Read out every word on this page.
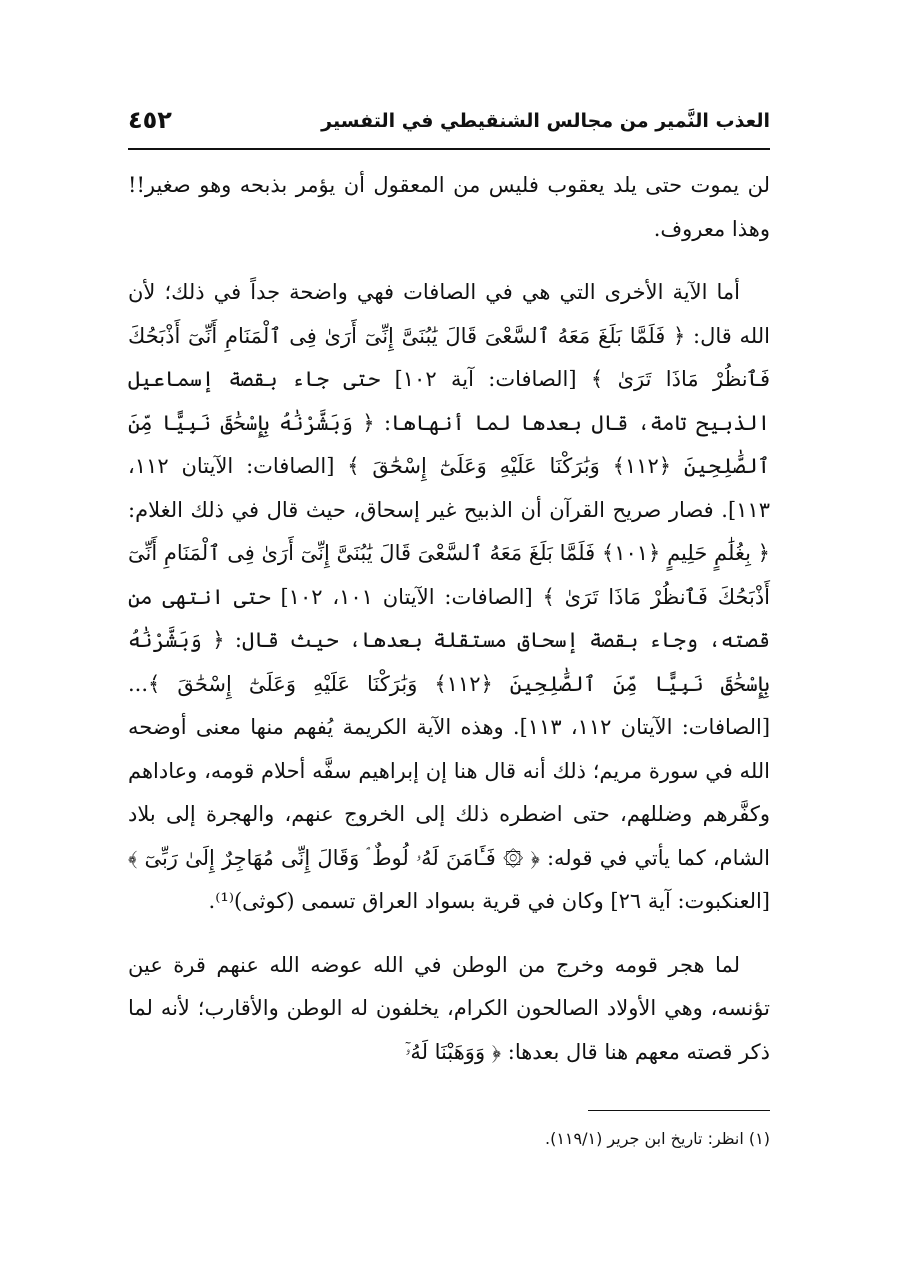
العذب النَّمير من مجالس الشنقيطي في التفسير
٤٥٢

لن يموت حتى يلد يعقوب فليس من المعقول أن يؤمر بذبحه وهو صغير!! وهذا معروف.

أما الآية الأخرى التي هي في الصافات فهي واضحة جداً في ذلك؛ لأن الله قال: ﴿ فَلَمَّا بَلَغَ مَعَهُ ٱلسَّعْىَ قَالَ يَٰبُنَىَّ إِنِّىٓ أَرَىٰ فِى ٱلْمَنَامِ أَنِّىٓ أَذْبَحُكَ فَٱنظُرْ مَاذَا تَرَىٰ ﴾ [الصافات: آية ١٠٢] حتى جاء بقصة إسماعيل الذبيح تامة، قال بعدها لما أنهاها: ﴿ وَبَشَّرْنَٰهُ بِإِسْحَٰقَ نَبِيًّا مِّنَ ٱلصَّٰلِحِينَ ﴿١١٢﴾ وَبَٰرَكْنَا عَلَيْهِ وَعَلَىٰٓ إِسْحَٰقَ ﴾ [الصافات: الآيتان ١١٢، ١١٣]. فصار صريح القرآن أن الذبيح غير إسحاق، حيث قال في ذلك الغلام: ﴿ بِغُلَٰمٍ حَلِيمٍ ﴿١٠١﴾ فَلَمَّا بَلَغَ مَعَهُ ٱلسَّعْىَ قَالَ يَٰبُنَىَّ إِنِّىٓ أَرَىٰ فِى ٱلْمَنَامِ أَنِّىٓ أَذْبَحُكَ فَٱنظُرْ مَاذَا تَرَىٰ ﴾ [الصافات: الآيتان ١٠١، ١٠٢] حتى انتهى من قصته، وجاء بقصة إسحاق مستقلة بعدها، حيث قال: ﴿ وَبَشَّرْنَٰهُ بِإِسْحَٰقَ نَبِيًّا مِّنَ ٱلصَّٰلِحِينَ ﴿١١٢﴾ وَبَٰرَكْنَا عَلَيْهِ وَعَلَىٰٓ إِسْحَٰقَ ﴾... [الصافات: الآيتان ١١٢، ١١٣]. وهذه الآية الكريمة يُفهم منها معنى أوضحه الله في سورة مريم؛ ذلك أنه قال هنا إن إبراهيم سفَّه أحلام قومه، وعاداهم وكفَّرهم وضللهم، حتى اضطره ذلك إلى الخروج عنهم، والهجرة إلى بلاد الشام، كما يأتي في قوله: ﴿ ۞ فَـَٔامَنَ لَهُۥ لُوطٌ ۘ وَقَالَ إِنِّى مُهَاجِرٌ إِلَىٰ رَبِّىٓ ﴾ [العنكبوت: آية ٢٦] وكان في قرية بسواد العراق تسمى (كوثى)⁽¹⁾.

لما هجر قومه وخرج من الوطن في الله عوضه الله عنهم قرة عين تؤنسه، وهي الأولاد الصالحون الكرام، يخلفون له الوطن والأقارب؛ لأنه لما ذكر قصته معهم هنا قال بعدها: ﴿ وَوَهَبْنَا لَهُۥٓ

(١) انظر: تاريخ ابن جرير (١١٩/١).
